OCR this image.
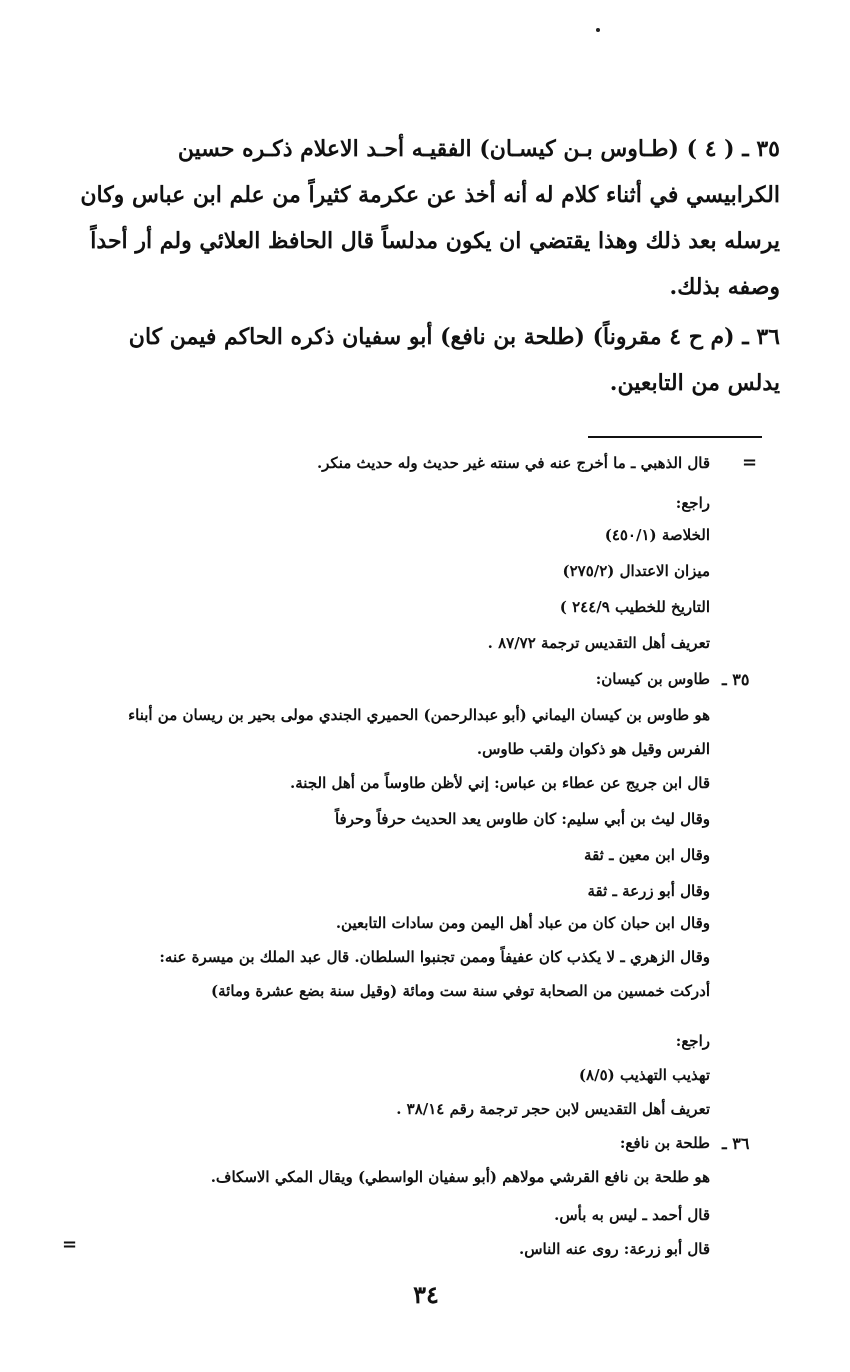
٣٥ ـ ( ٤ ) (طـاوس بـن كيسـان) الفقيـه أحـد الاعلام ذكـره حسين
الكرابيسي في أثناء كلام له أنه أخذ عن عكرمة كثيراً من علم ابن عباس وكان
يرسله بعد ذلك وهذا يقتضي ان يكون مدلساً قال الحافظ العلائي ولم أر أحداً
وصفه بذلك.
٣٦ ـ (م ح ٤ مقروناً) (طلحة بن نافع) أبو سفيان ذكره الحاكم فيمن كان
يدلس من التابعين.
=
قال الذهبي ـ ما أخرج عنه في سنته غير حديث وله حديث منكر.
راجع:
الخلاصة (٤٥٠/١)
ميزان الاعتدال (٢٧٥/٢)
التاريخ للخطيب ٢٤٤/٩ )
تعريف أهل التقديس ترجمة ٨٧/٧٢ .
طاوس بن كيسان:
هو طاوس بن كيسان اليماني (أبو عبدالرحمن) الحميري الجندي مولى بحير بن ريسان من أبناء
الفرس وقيل هو ذكوان ولقب طاوس.
قال ابن جريج عن عطاء بن عباس: إني لأظن طاوساً من أهل الجنة.
وقال ليث بن أبي سليم: كان طاوس يعد الحديث حرفاً وحرفاً
وقال ابن معين ـ ثقة
وقال أبو زرعة ـ ثقة
وقال ابن حبان كان من عباد أهل اليمن ومن سادات التابعين.
وقال الزهري ـ لا يكذب كان عفيفاً وممن تجنبوا السلطان. قال عبد الملك بن ميسرة عنه:
أدركت خمسين من الصحابة توفي سنة ست ومائة (وقيل سنة بضع عشرة ومائة)
راجع:
تهذيب التهذيب (٨/٥)
تعريف أهل التقديس لابن حجر ترجمة رقم ٣٨/١٤ .
طلحة بن نافع:
هو طلحة بن نافع القرشي مولاهم (أبو سفيان الواسطي) ويقال المكي الاسكاف.
قال أحمد ـ ليس به بأس.
قال أبو زرعة: روى عنه الناس.
٣٥ ـ
٣٦ ـ
=
٣٤
